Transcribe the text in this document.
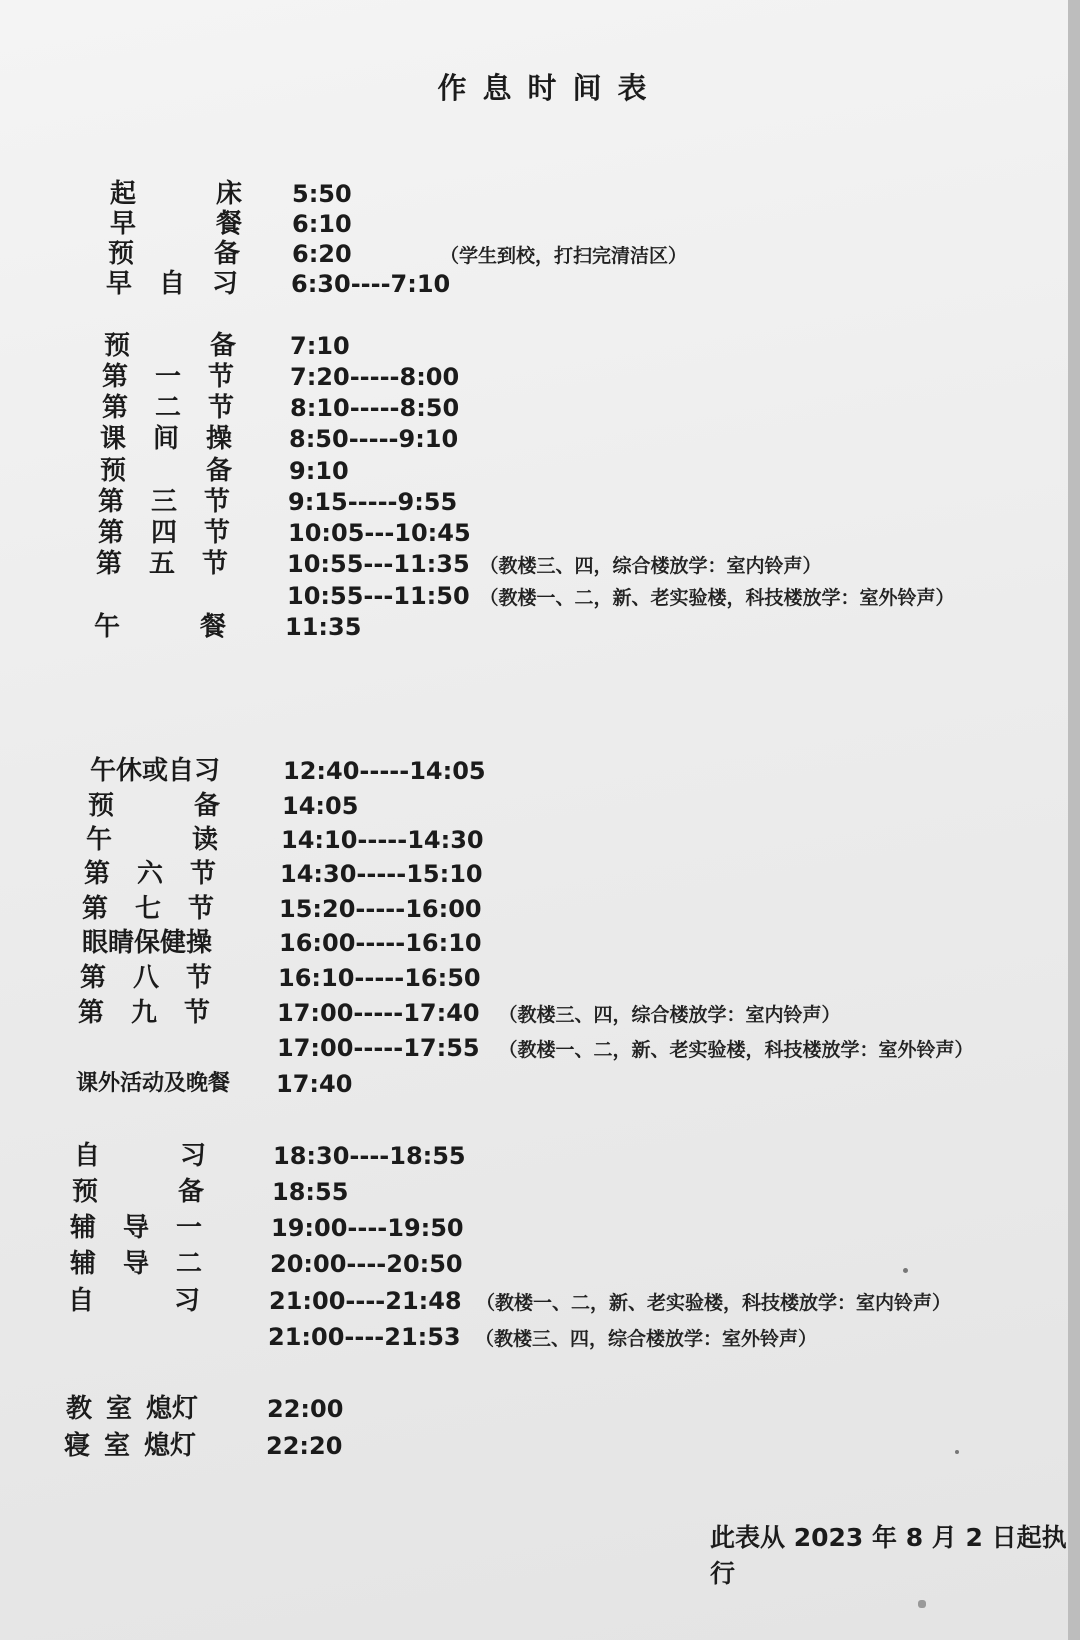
作息时间表
起	床 5:50
早	餐 6:10
预	备 6:20	（学生到校，打扫完清洁区）
早 自 习 6:30----7:10
预	备 7:10
第 一 节 7:20-----8:00
第 二 节 8:10-----8:50
课 间 操 8:50-----9:10
预	备 9:10
第 三 节 9:15-----9:55
第 四 节 10:05---10:45
第 五 节 10:55---11:35 （教楼三、四，综合楼放学：室内铃声）
10:55---11:50 （教楼一、二，新、老实验楼，科技楼放学：室外铃声）
午	餐 11:35
午休或自习	12:40-----14:05
预	备	14:05
午	读	14:10-----14:30
第 六 节	14:30-----15:10
第 七 节	15:20-----16:00
眼睛保健操	16:00-----16:10
第 八 节	16:10-----16:50
第 九 节	17:00-----17:40 （教楼三、四，综合楼放学：室内铃声）
17:00-----17:55 （教楼一、二，新、老实验楼，科技楼放学：室外铃声）
课外活动及晚餐 17:40
自	习	18:30----18:55
预	备	18:55
辅 导 一	19:00----19:50
辅 导 二	20:00----20:50
自	习	21:00----21:48 （教楼一、二，新、老实验楼，科技楼放学：室内铃声）
21:00----21:53 （教楼三、四，综合楼放学：室外铃声）
教 室 熄灯	22:00
寝 室 熄灯	22:20
此表从 2023 年 8 月 2 日起执行
